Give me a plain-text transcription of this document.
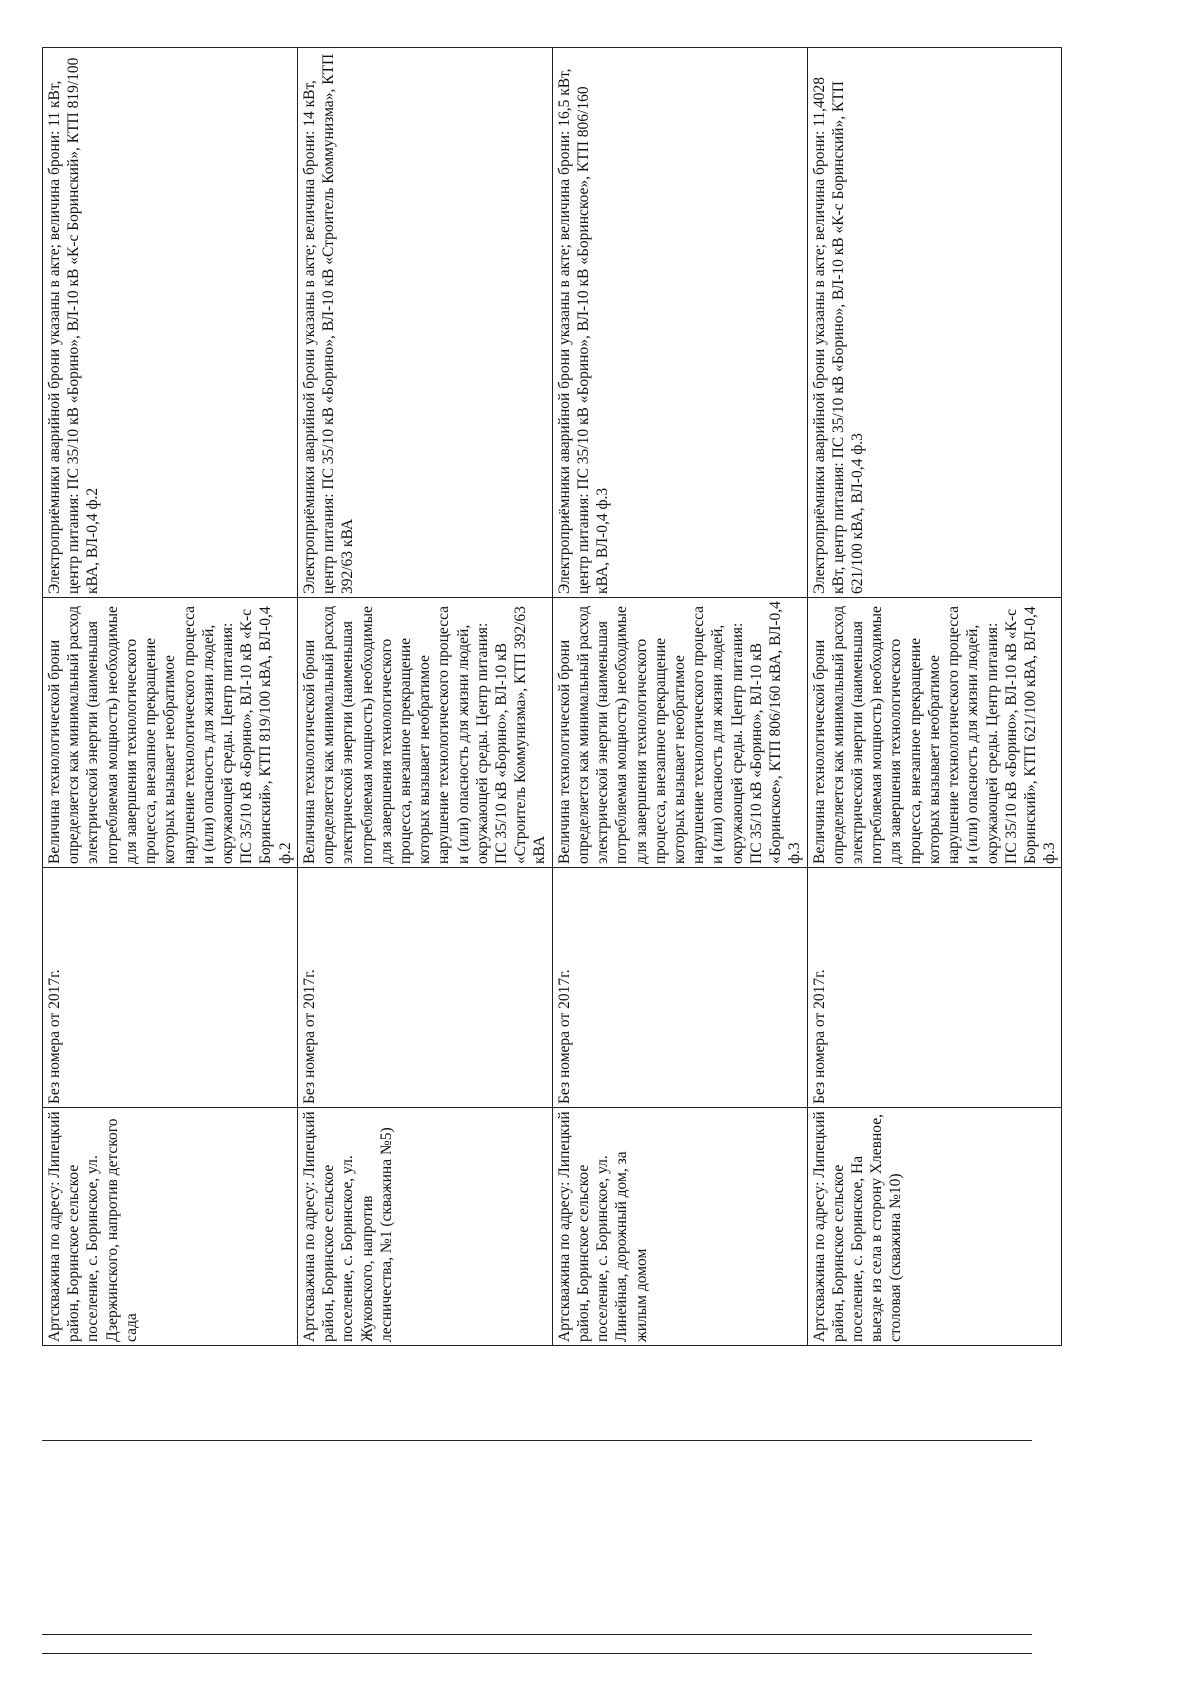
Артскважина по адресу: Липецкий район, Боринское сельское поселение, с. Боринское, ул. Дзержинского, напротив детского сада	Без номера от 2017г.	Величина технологической брони определяется как минимальный расход электрической энергии (наименьшая потребляемая мощность) необходимые для завершения технологического процесса, внезапное прекращение которых вызывает необратимое нарушение технологического процесса и (или) опасность для жизни людей, окружающей среды. Центр питания: ПС 35/10 кВ «Борино», ВЛ-10 кВ «К-с Боринский», КТП 819/100 кВА, ВЛ-0,4 ф.2	Электроприёмники аварийной брони указаны в акте; величина брони: 11 кВт, центр питания: ПС 35/10 кВ «Борино», ВЛ-10 кВ «К-с Боринский», КТП 819/100 кВА, ВЛ-0,4 ф.2
Артскважина по адресу: Липецкий район, Боринское сельское поселение, с. Боринское, ул. Жуковского, напротив лесничества, №1 (скважина №5)	Без номера от 2017г.	Величина технологической брони определяется как минимальный расход электрической энергии (наименьшая потребляемая мощность) необходимые для завершения технологического процесса, внезапное прекращение которых вызывает необратимое нарушение технологического процесса и (или) опасность для жизни людей, окружающей среды. Центр питания: ПС 35/10 кВ «Борино», ВЛ-10 кВ «Строитель Коммунизма», КТП 392/63 кВА	Электроприёмники аварийной брони указаны в акте; величина брони: 14 кВт, центр питания: ПС 35/10 кВ «Борино», ВЛ-10 кВ «Строитель Коммунизма», КТП 392/63 кВА
Артскважина по адресу: Липецкий район, Боринское сельское поселение, с. Боринское, ул. Линейная, дорожный дом, за жилым домом	Без номера от 2017г.	Величина технологической брони определяется как минимальный расход электрической энергии (наименьшая потребляемая мощность) необходимые для завершения технологического процесса, внезапное прекращение которых вызывает необратимое нарушение технологического процесса и (или) опасность для жизни людей, окружающей среды. Центр питания: ПС 35/10 кВ «Борино», ВЛ-10 кВ «Боринское», КТП 806/160 кВА, ВЛ-0,4 ф.3	Электроприёмники аварийной брони указаны в акте; величина брони: 16,5 кВт, центр питания: ПС 35/10 кВ «Борино», ВЛ-10 кВ «Боринское», КТП 806/160 кВА, ВЛ-0,4 ф.3
Артскважина по адресу: Липецкий район, Боринское сельское поселение, с. Боринское, На выезде из села в сторону Хлевное, столовая (скважина №10)	Без номера от 2017г.	Величина технологической брони определяется как минимальный расход электрической энергии (наименьшая потребляемая мощность) необходимые для завершения технологического процесса, внезапное прекращение которых вызывает необратимое нарушение технологического процесса и (или) опасность для жизни людей, окружающей среды. Центр питания: ПС 35/10 кВ «Борино», ВЛ-10 кВ «К-с Боринский», КТП 621/100 кВА, ВЛ-0,4 ф.3	Электроприёмники аварийной брони указаны в акте; величина брони: 11,4028 кВт, центр питания: ПС 35/10 кВ «Борино», ВЛ-10 кВ «К-с Боринский», КТП 621/100 кВА, ВЛ-0,4 ф.3
